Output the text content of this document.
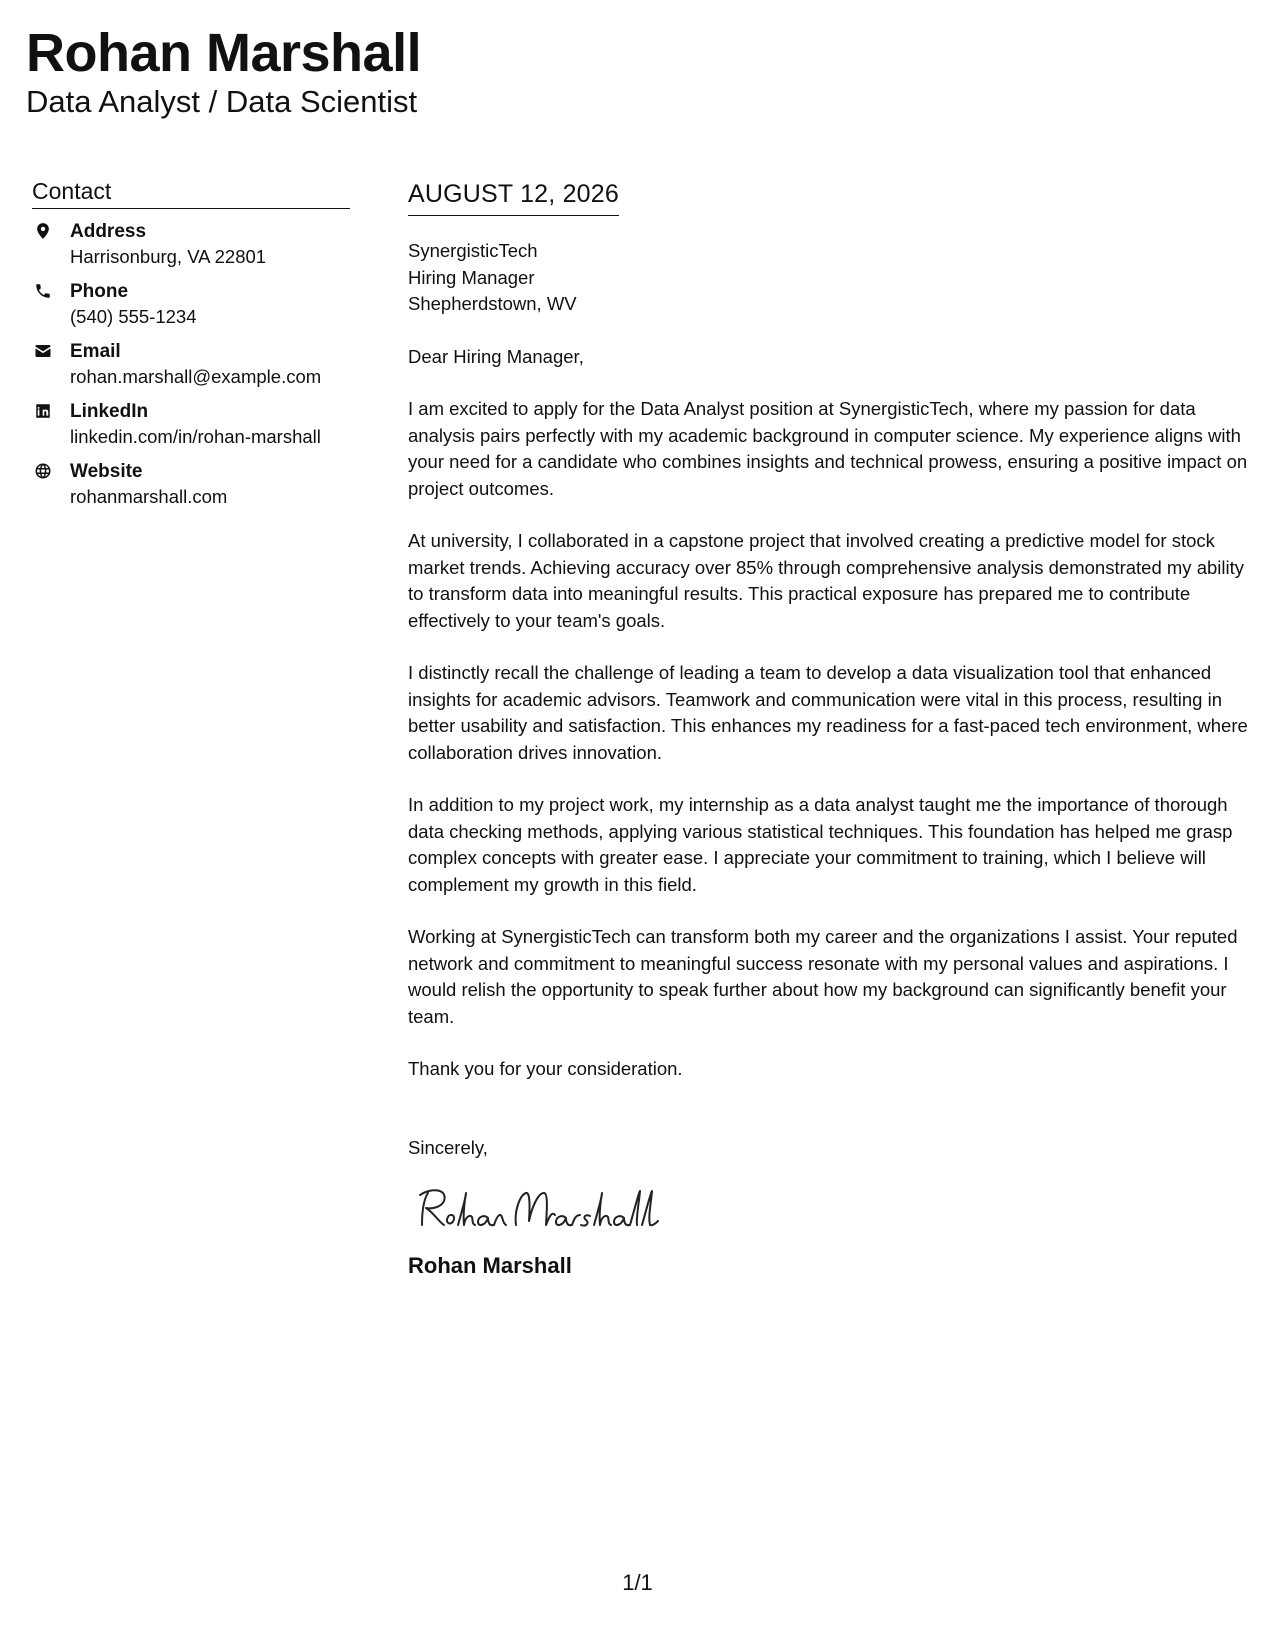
Rohan Marshall
Data Analyst / Data Scientist
Contact
Address
Harrisonburg, VA 22801
Phone
(540) 555-1234
Email
rohan.marshall@example.com
LinkedIn
linkedin.com/in/rohan-marshall
Website
rohanmarshall.com
AUGUST 12, 2026
SynergisticTech
Hiring Manager
Shepherdstown, WV
Dear Hiring Manager,

I am excited to apply for the Data Analyst position at SynergisticTech, where my passion for data analysis pairs perfectly with my academic background in computer science. My experience aligns with your need for a candidate who combines insights and technical prowess, ensuring a positive impact on project outcomes.

At university, I collaborated in a capstone project that involved creating a predictive model for stock market trends. Achieving accuracy over 85% through comprehensive analysis demonstrated my ability to transform data into meaningful results. This practical exposure has prepared me to contribute effectively to your team's goals.

I distinctly recall the challenge of leading a team to develop a data visualization tool that enhanced insights for academic advisors. Teamwork and communication were vital in this process, resulting in better usability and satisfaction. This enhances my readiness for a fast-paced tech environment, where collaboration drives innovation.

In addition to my project work, my internship as a data analyst taught me the importance of thorough data checking methods, applying various statistical techniques. This foundation has helped me grasp complex concepts with greater ease. I appreciate your commitment to training, which I believe will complement my growth in this field.

Working at SynergisticTech can transform both my career and the organizations I assist. Your reputed network and commitment to meaningful success resonate with my personal values and aspirations. I would relish the opportunity to speak further about how my background can significantly benefit your team.

Thank you for your consideration.
Sincerely,
Rohan Marshall
1/1
